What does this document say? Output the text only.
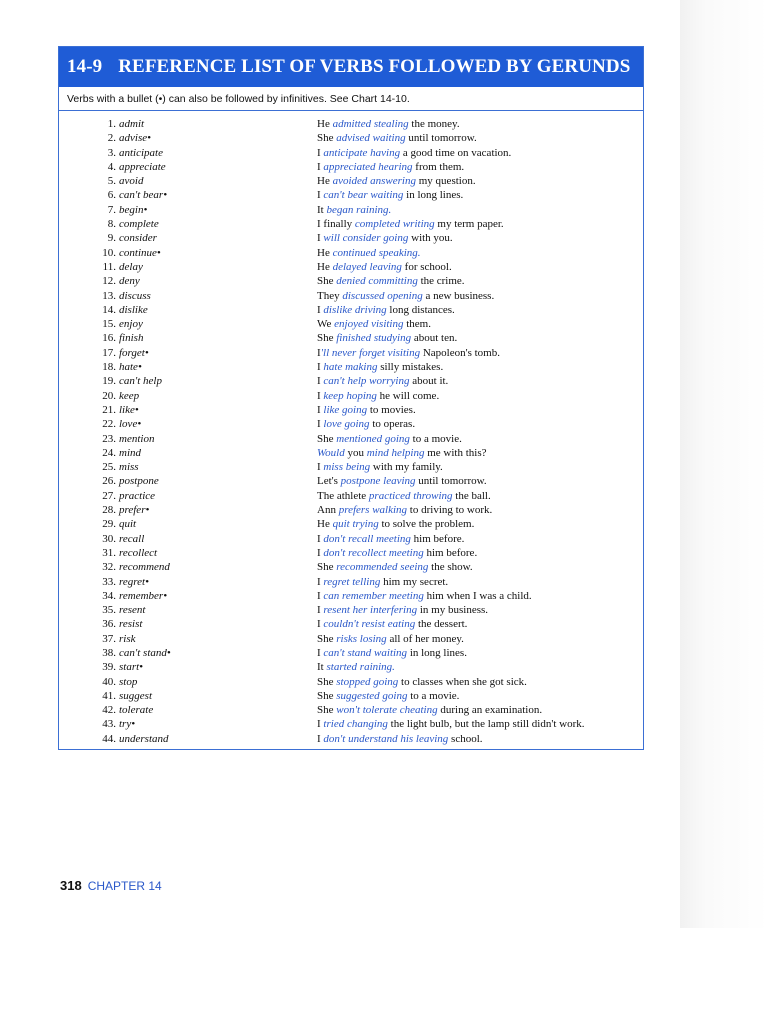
14-9 REFERENCE LIST OF VERBS FOLLOWED BY GERUNDS
Verbs with a bullet (•) can also be followed by infinitives. See Chart 14-10.
1. admit	He admitted stealing the money.
2. advise•	She advised waiting until tomorrow.
3. anticipate	I anticipate having a good time on vacation.
4. appreciate	I appreciated hearing from them.
5. avoid	He avoided answering my question.
6. can't bear•	I can't bear waiting in long lines.
7. begin•	It began raining.
8. complete	I finally completed writing my term paper.
9. consider	I will consider going with you.
10. continue•	He continued speaking.
11. delay	He delayed leaving for school.
12. deny	She denied committing the crime.
13. discuss	They discussed opening a new business.
14. dislike	I dislike driving long distances.
15. enjoy	We enjoyed visiting them.
16. finish	She finished studying about ten.
17. forget•	I'll never forget visiting Napoleon's tomb.
18. hate•	I hate making silly mistakes.
19. can't help	I can't help worrying about it.
20. keep	I keep hoping he will come.
21. like•	I like going to movies.
22. love•	I love going to operas.
23. mention	She mentioned going to a movie.
24. mind	Would you mind helping me with this?
25. miss	I miss being with my family.
26. postpone	Let's postpone leaving until tomorrow.
27. practice	The athlete practiced throwing the ball.
28. prefer•	Ann prefers walking to driving to work.
29. quit	He quit trying to solve the problem.
30. recall	I don't recall meeting him before.
31. recollect	I don't recollect meeting him before.
32. recommend	She recommended seeing the show.
33. regret•	I regret telling him my secret.
34. remember•	I can remember meeting him when I was a child.
35. resent	I resent her interfering in my business.
36. resist	I couldn't resist eating the dessert.
37. risk	She risks losing all of her money.
38. can't stand•	I can't stand waiting in long lines.
39. start•	It started raining.
40. stop	She stopped going to classes when she got sick.
41. suggest	She suggested going to a movie.
42. tolerate	She won't tolerate cheating during an examination.
43. try•	I tried changing the light bulb, but the lamp still didn't work.
44. understand	I don't understand his leaving school.
318 CHAPTER 14
